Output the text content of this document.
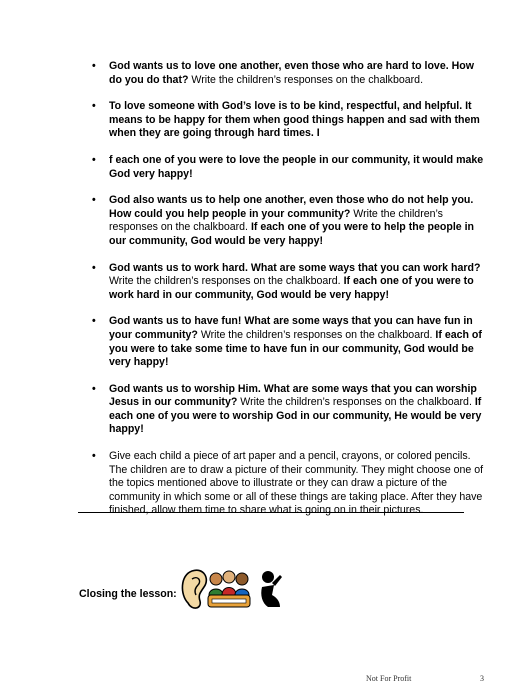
• God wants us to love one another, even those who are hard to love. How do you do that? Write the children’s responses on the chalkboard.
• To love someone with God’s love is to be kind, respectful, and helpful. It means to be happy for them when good things happen and sad with them when they are going through hard times. I
• f each one of you were to love the people in our community, it would make God very happy!
• God also wants us to help one another, even those who do not help you. How could you help people in your community? Write the children’s responses on the chalkboard. If each one of you were to help the people in our community, God would be very happy!
• God wants us to work hard. What are some ways that you can work hard? Write the children’s responses on the chalkboard. If each one of you were to work hard in our community, God would be very happy!
• God wants us to have fun! What are some ways that you can have fun in your community? Write the children’s responses on the chalkboard. If each of you were to take some time to have fun in our community, God would be very happy!
• God wants us to worship Him. What are some ways that you can worship Jesus in our community? Write the children’s responses on the chalkboard. If each one of you were to worship God in our community, He would be very happy!
• Give each child a piece of art paper and a pencil, crayons, or colored pencils. The children are to draw a picture of their community. They might choose one of the topics mentioned above to illustrate or they can draw a picture of the community in which some or all of these things are taking place. After they have finished, allow them time to share what is going on in their pictures.
Closing the lesson:
Not For Profit	3
